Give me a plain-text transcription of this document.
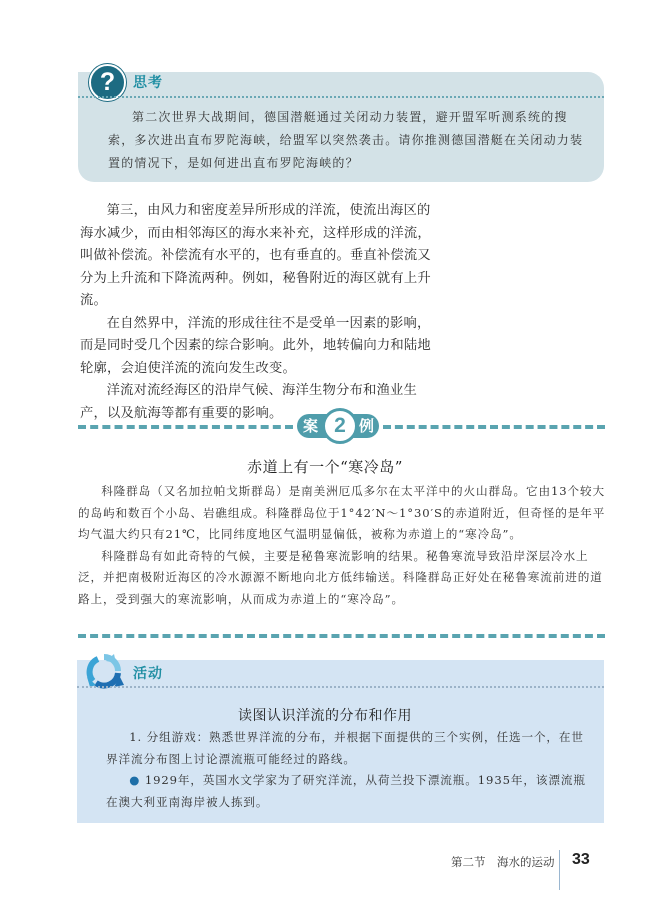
?	思考
第二次世界大战期间，德国潜艇通过关闭动力装置，避开盟军听测系统的搜索，多次进出直布罗陀海峡，给盟军以突然袭击。请你推测德国潜艇在关闭动力装置的情况下，是如何进出直布罗陀海峡的？

第三，由风力和密度差异所形成的洋流，使流出海区的海水减少，而由相邻海区的海水来补充，这样形成的洋流，叫做补偿流。补偿流有水平的，也有垂直的。垂直补偿流又分为上升流和下降流两种。例如，秘鲁附近的海区就有上升流。

在自然界中，洋流的形成往往不是受单一因素的影响，而是同时受几个因素的综合影响。此外，地转偏向力和陆地轮廓，会迫使洋流的流向发生改变。

洋流对流经海区的沿岸气候、海洋生物分布和渔业生产，以及航海等都有重要的影响。

案 2 例
赤道上有一个“寒冷岛”

科隆群岛（又名加拉帕戈斯群岛）是南美洲厄瓜多尔在太平洋中的火山群岛。它由13个较大的岛屿和数百个小岛、岩礁组成。科隆群岛位于1°42′N～1°30′S的赤道附近，但奇怪的是年平均气温大约只有21℃，比同纬度地区气温明显偏低，被称为赤道上的“寒冷岛”。

科隆群岛有如此奇特的气候，主要是秘鲁寒流影响的结果。秘鲁寒流导致沿岸深层冷水上泛，并把南极附近海区的冷水源源不断地向北方低纬输送。科隆群岛正好处在秘鲁寒流前进的道路上，受到强大的寒流影响，从而成为赤道上的“寒冷岛”。

活动
读图认识洋流的分布和作用

1. 分组游戏：熟悉世界洋流的分布，并根据下面提供的三个实例，任选一个，在世界洋流分布图上讨论漂流瓶可能经过的路线。

● 1929年，英国水文学家为了研究洋流，从荷兰投下漂流瓶。1935年，该漂流瓶在澳大利亚南海岸被人拣到。

第二节　海水的运动 33
